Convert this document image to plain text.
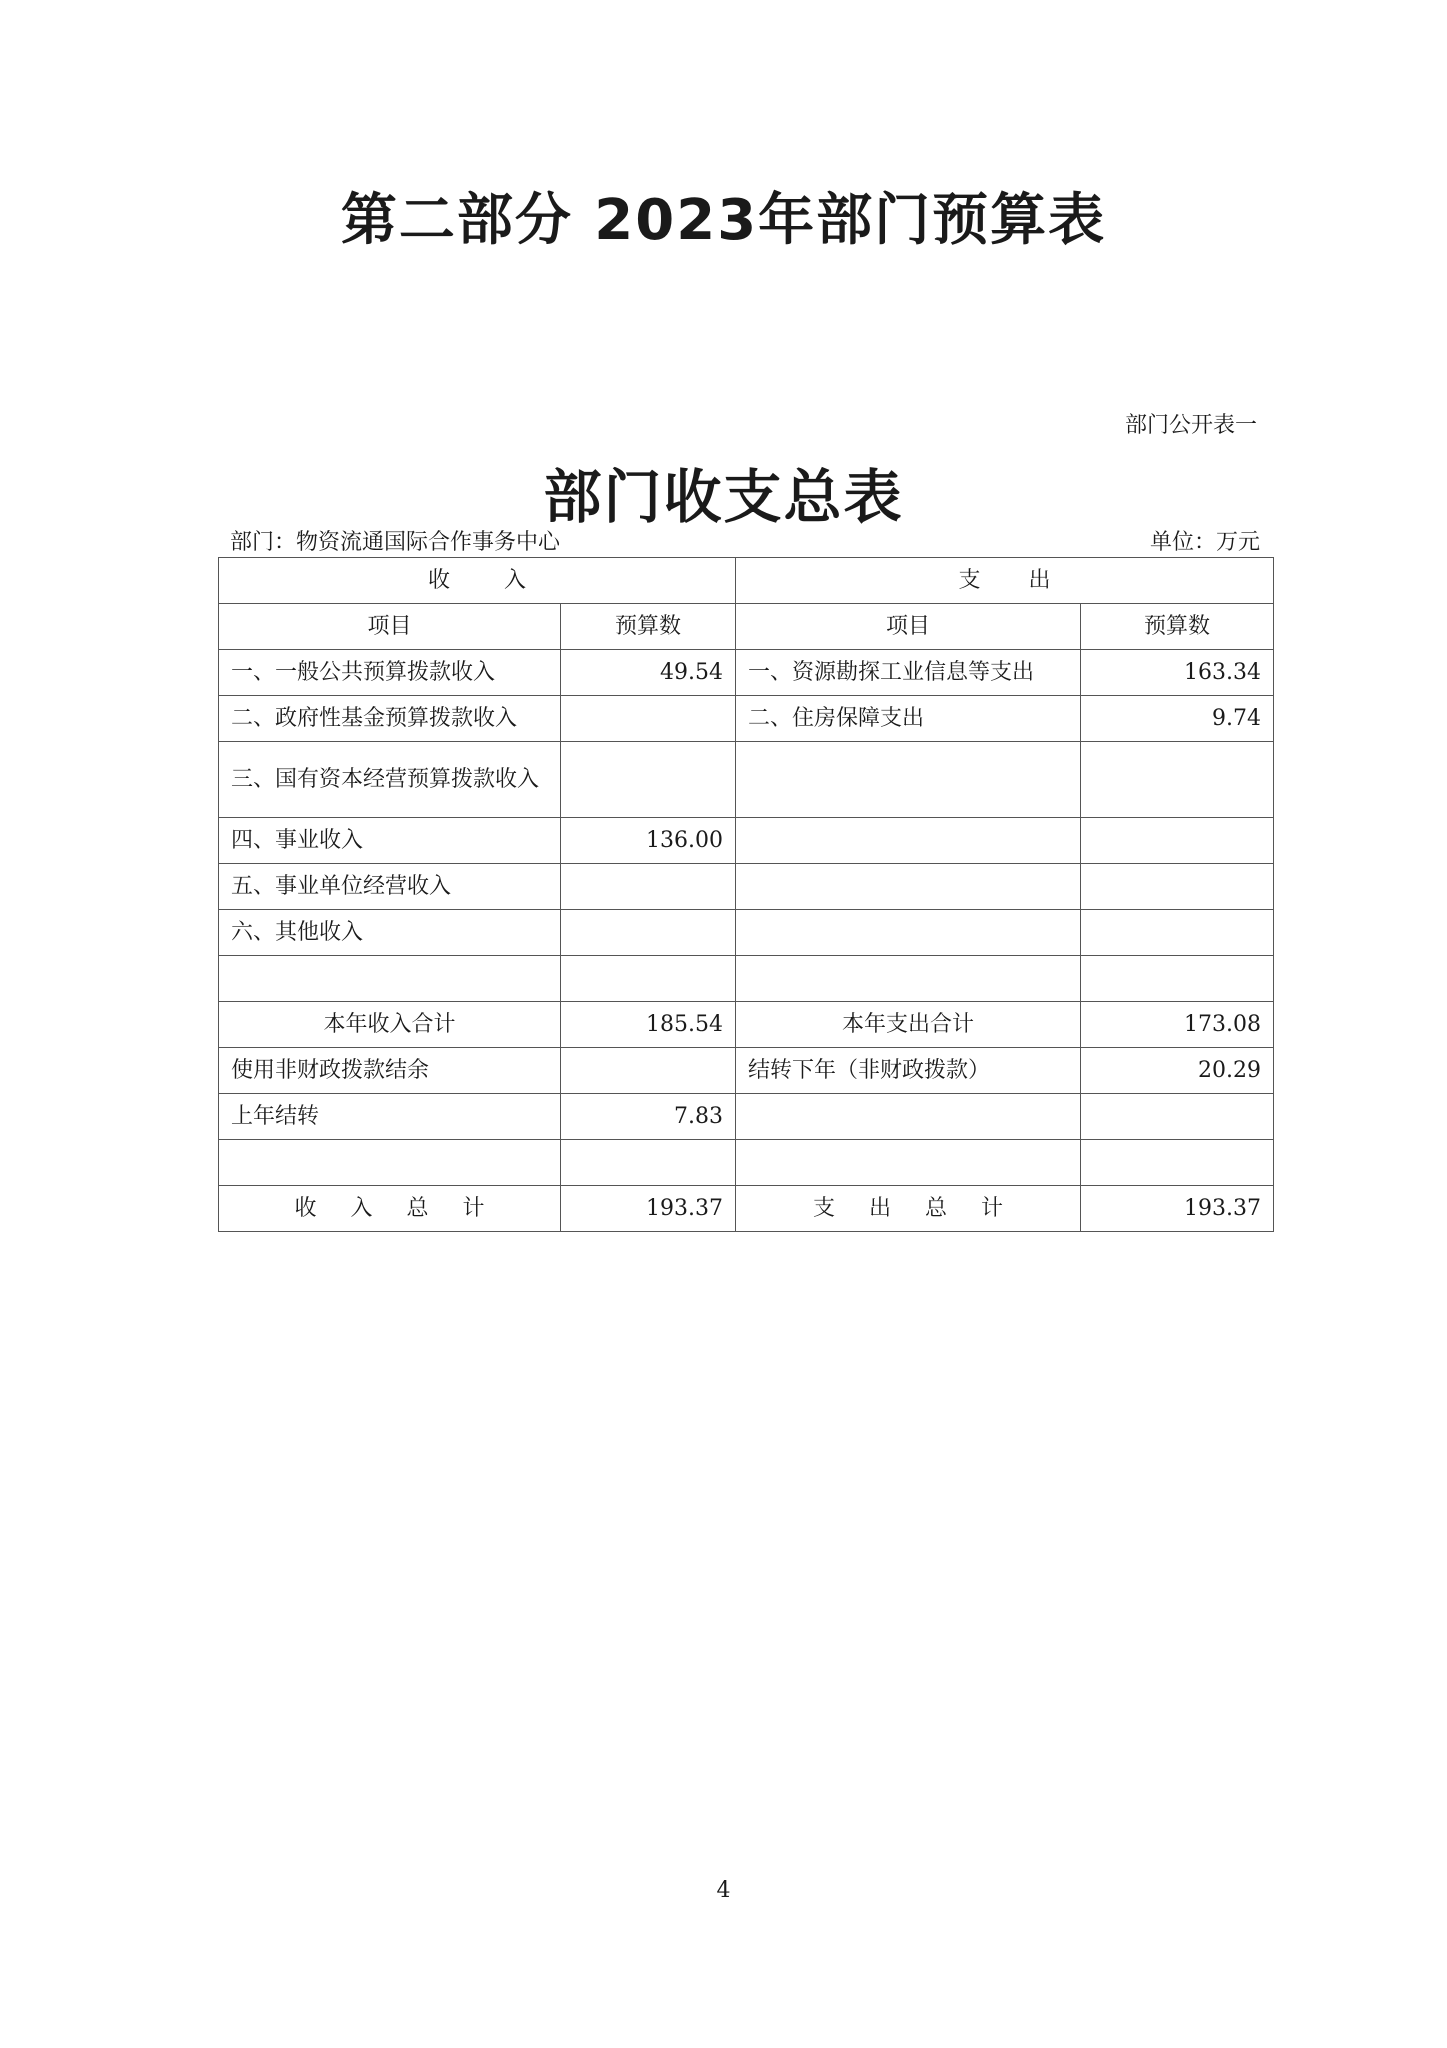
第二部分 2023年部门预算表
部门公开表一
部门收支总表
部门：物资流通国际合作事务中心	单位：万元
收入		支出	
项目	预算数	项目	预算数
一、一般公共预算拨款收入	49.54	一、资源勘探工业信息等支出	163.34
二、政府性基金预算拨款收入		二、住房保障支出	9.74
三、国有资本经营预算拨款收入			
四、事业收入	136.00		
五、事业单位经营收入			
六、其他收入			

本年收入合计	185.54	本年支出合计	173.08
使用非财政拨款结余		结转下年（非财政拨款）	20.29
上年结转	7.83		

收入总计	193.37	支出总计	193.37
4
